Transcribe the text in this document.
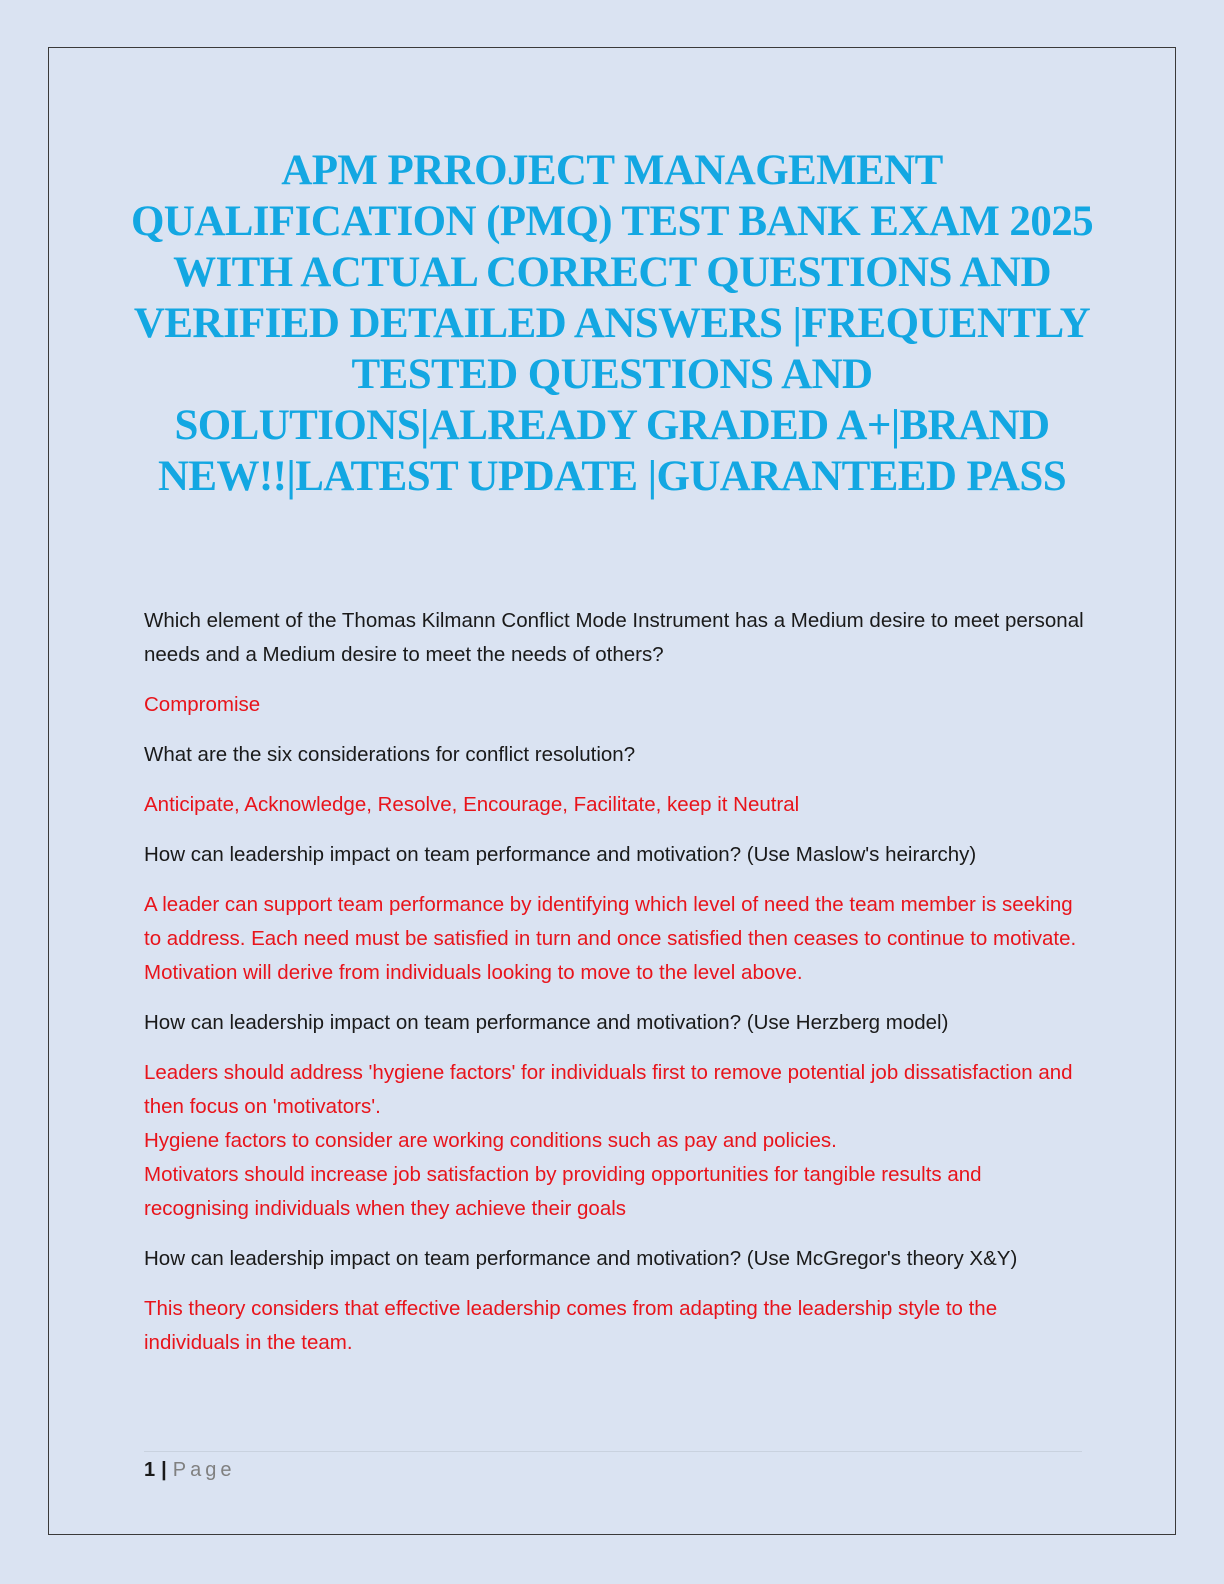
APM PRROJECT MANAGEMENT QUALIFICATION (PMQ) TEST BANK EXAM 2025 WITH ACTUAL CORRECT QUESTIONS AND VERIFIED DETAILED ANSWERS |FREQUENTLY TESTED QUESTIONS AND SOLUTIONS|ALREADY GRADED A+|BRAND NEW!!|LATEST UPDATE |GUARANTEED PASS

Which element of the Thomas Kilmann Conflict Mode Instrument has a Medium desire to meet personal needs and a Medium desire to meet the needs of others?

Compromise

What are the six considerations for conflict resolution?

Anticipate, Acknowledge, Resolve, Encourage, Facilitate, keep it Neutral

How can leadership impact on team performance and motivation? (Use Maslow's heirarchy)

A leader can support team performance by identifying which level of need the team member is seeking to address. Each need must be satisfied in turn and once satisfied then ceases to continue to motivate. Motivation will derive from individuals looking to move to the level above.

How can leadership impact on team performance and motivation? (Use Herzberg model)

Leaders should address 'hygiene factors' for individuals first to remove potential job dissatisfaction and then focus on 'motivators'.
Hygiene factors to consider are working conditions such as pay and policies.
Motivators should increase job satisfaction by providing opportunities for tangible results and recognising individuals when they achieve their goals

How can leadership impact on team performance and motivation? (Use McGregor's theory X&Y)

This theory considers that effective leadership comes from adapting the leadership style to the individuals in the team.

1 | Page
